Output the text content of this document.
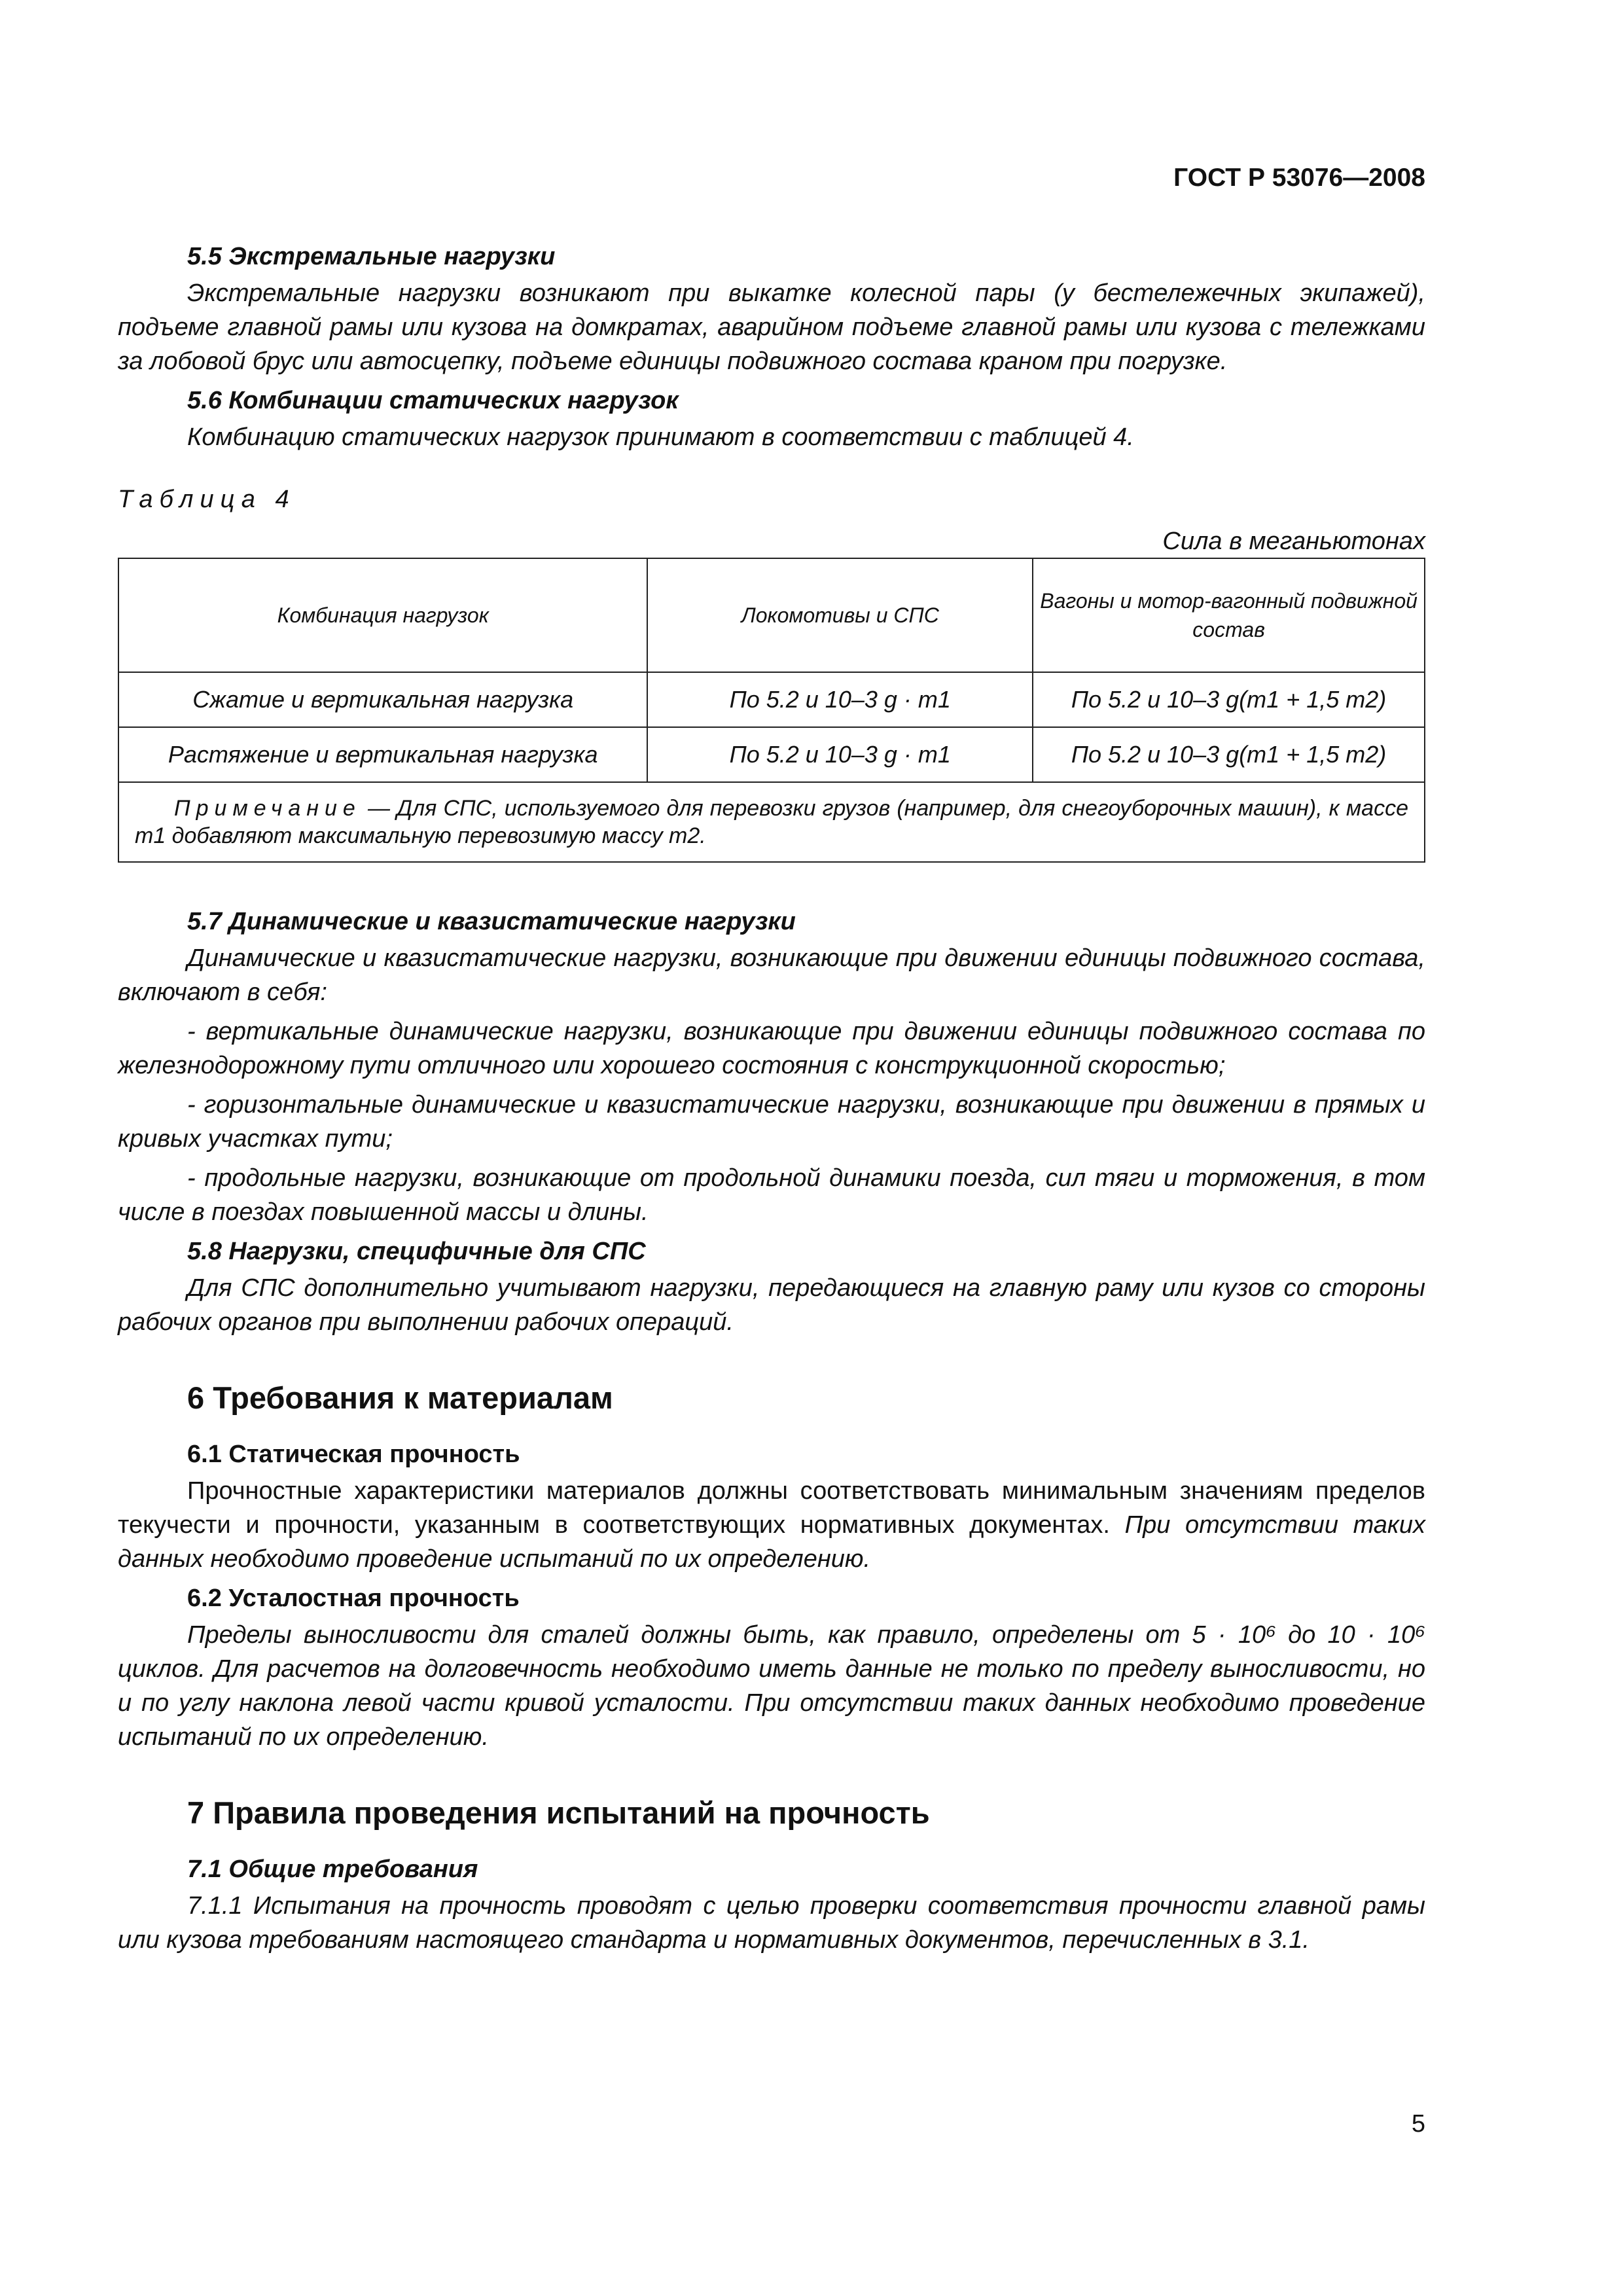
ГОСТ Р 53076—2008
5.5 Экстремальные нагрузки
Экстремальные нагрузки возникают при выкатке колесной пары (у бестележечных экипажей), подъеме главной рамы или кузова на домкратах, аварийном подъеме главной рамы или кузова с тележками за лобовой брус или автосцепку, подъеме единицы подвижного состава краном при погрузке.
5.6 Комбинации статических нагрузок
Комбинацию статических нагрузок принимают в соответствии с таблицей 4.
Таблица 4
Сила в меганьютонах
Комбинация нагрузок	Локомотивы и СПС	Вагоны и мотор-вагонный подвижной состав
Сжатие и вертикальная нагрузка	По 5.2 и 10–3 g · m1	По 5.2 и 10–3 g(m1 + 1,5 m2)
Растяжение и вертикальная нагрузка	По 5.2 и 10–3 g · m1	По 5.2 и 10–3 g(m1 + 1,5 m2)
Примечание — Для СПС, используемого для перевозки грузов (например, для снегоуборочных машин), к массе m1 добавляют максимальную перевозимую массу m2.		
5.7 Динамические и квазистатические нагрузки
Динамические и квазистатические нагрузки, возникающие при движении единицы подвижного состава, включают в себя:
- вертикальные динамические нагрузки, возникающие при движении единицы подвижного состава по железнодорожному пути отличного или хорошего состояния с конструкционной скоростью;
- горизонтальные динамические и квазистатические нагрузки, возникающие при движении в прямых и кривых участках пути;
- продольные нагрузки, возникающие от продольной динамики поезда, сил тяги и торможения, в том числе в поездах повышенной массы и длины.
5.8 Нагрузки, специфичные для СПС
Для СПС дополнительно учитывают нагрузки, передающиеся на главную раму или кузов со стороны рабочих органов при выполнении рабочих операций.
6 Требования к материалам
6.1 Статическая прочность
Прочностные характеристики материалов должны соответствовать минимальным значениям пределов текучести и прочности, указанным в соответствующих нормативных документах. При отсутствии таких данных необходимо проведение испытаний по их определению.
6.2 Усталостная прочность
Пределы выносливости для сталей должны быть, как правило, определены от 5 · 10⁶ до 10 · 10⁶ циклов. Для расчетов на долговечность необходимо иметь данные не только по пределу выносливости, но и по углу наклона левой части кривой усталости. При отсутствии таких данных необходимо проведение испытаний по их определению.
7 Правила проведения испытаний на прочность
7.1 Общие требования
7.1.1 Испытания на прочность проводят с целью проверки соответствия прочности главной рамы или кузова требованиям настоящего стандарта и нормативных документов, перечисленных в 3.1.
5
